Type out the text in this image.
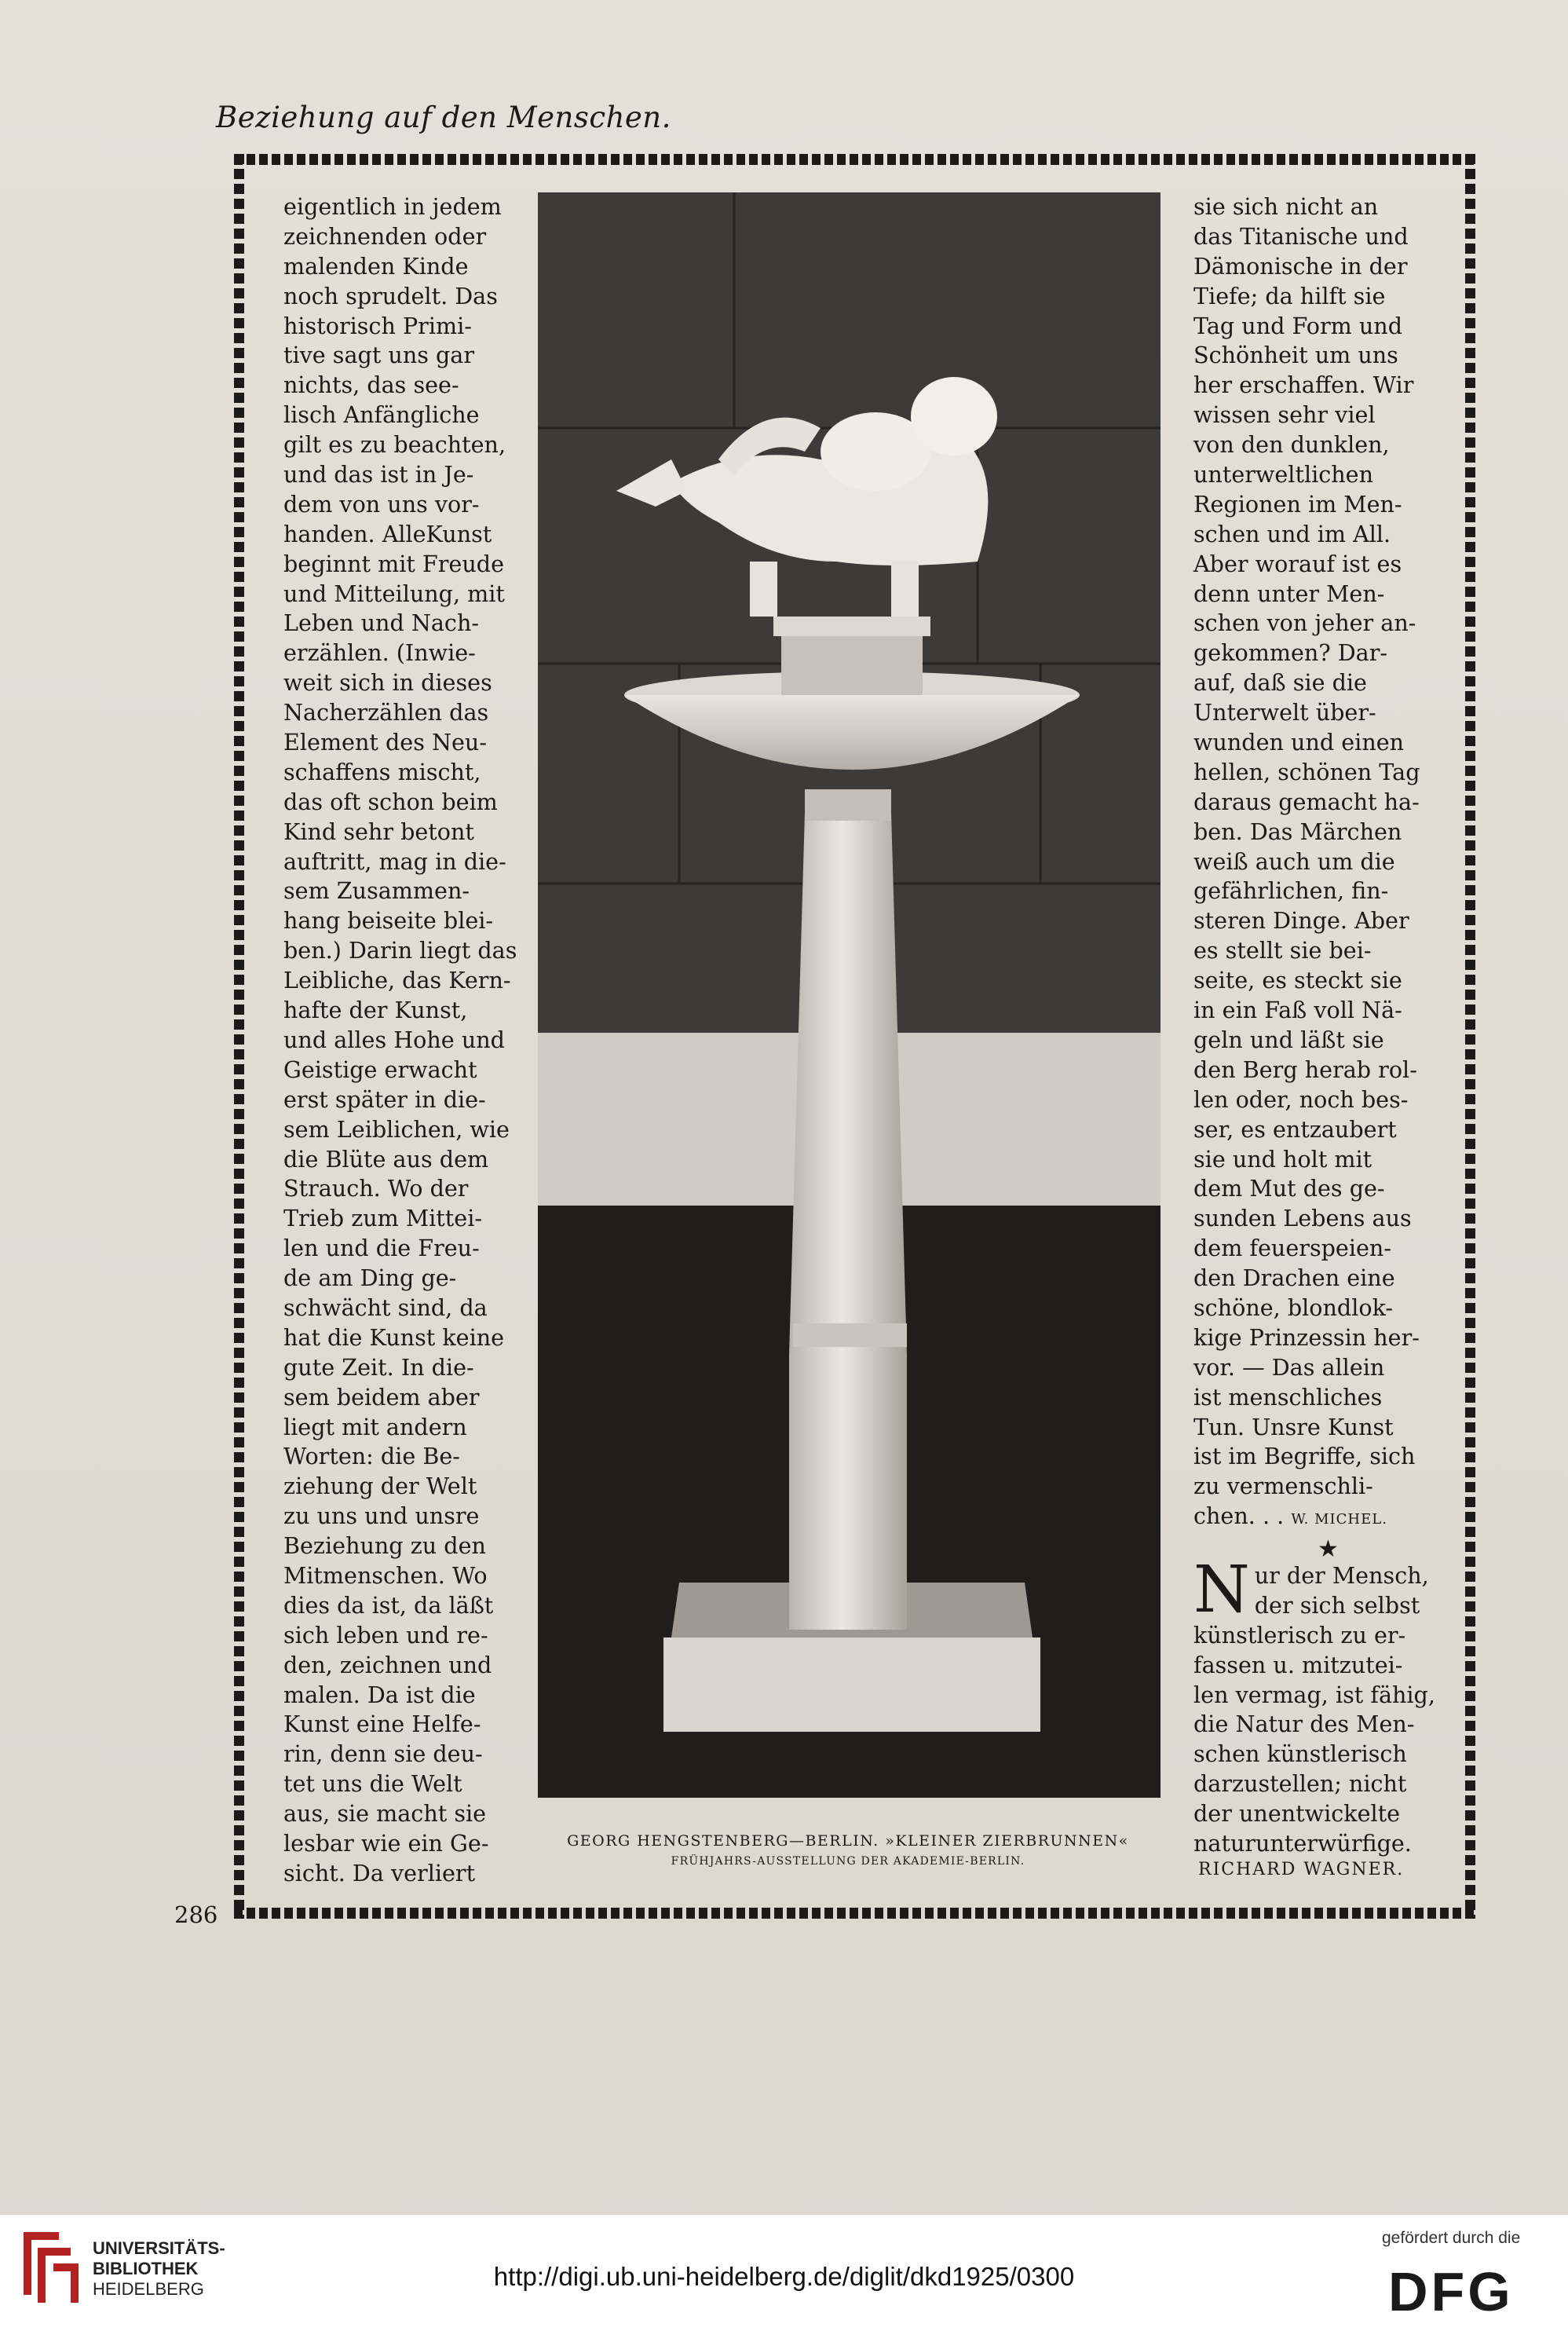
Beziehung auf den Menschen.
286
eigentlich in jedem
zeichnenden oder
malenden Kinde
noch sprudelt. Das
historisch Primi-
tive sagt uns gar
nichts, das see-
lisch Anfängliche
gilt es zu beachten,
und das ist in Je-
dem von uns vor-
handen. AlleKunst
beginnt mit Freude
und Mitteilung, mit
Leben und Nach-
erzählen. (Inwie-
weit sich in dieses
Nacherzählen das
Element des Neu-
schaffens mischt,
das oft schon beim
Kind sehr betont
auftritt, mag in die-
sem Zusammen-
hang beiseite blei-
ben.) Darin liegt das
Leibliche, das Kern-
hafte der Kunst,
und alles Hohe und
Geistige erwacht
erst später in die-
sem Leiblichen, wie
die Blüte aus dem
Strauch. Wo der
Trieb zum Mittei-
len und die Freu-
de am Ding ge-
schwächt sind, da
hat die Kunst keine
gute Zeit. In die-
sem beidem aber
liegt mit andern
Worten: die Be-
ziehung der Welt
zu uns und unsre
Beziehung zu den
Mitmenschen. Wo
dies da ist, da läßt
sich leben und re-
den, zeichnen und
malen. Da ist die
Kunst eine Helfe-
rin, denn sie deu-
tet uns die Welt
aus, sie macht sie
lesbar wie ein Ge-
sicht. Da verliert
GEORG HENGSTENBERG—BERLIN. »KLEINER ZIERBRUNNEN«
FRÜHJAHRS-AUSSTELLUNG DER AKADEMIE-BERLIN.
sie sich nicht an
das Titanische und
Dämonische in der
Tiefe; da hilft sie
Tag und Form und
Schönheit um uns
her erschaffen. Wir
wissen sehr viel
von den dunklen,
unterweltlichen
Regionen im Men-
schen und im All.
Aber worauf ist es
denn unter Men-
schen von jeher an-
gekommen? Dar-
auf, daß sie die
Unterwelt über-
wunden und einen
hellen, schönen Tag
daraus gemacht ha-
ben. Das Märchen
weiß auch um die
gefährlichen, fin-
steren Dinge. Aber
es stellt sie bei-
seite, es steckt sie
in ein Faß voll Nä-
geln und läßt sie
den Berg herab rol-
len oder, noch bes-
ser, es entzaubert
sie und holt mit
dem Mut des ge-
sunden Lebens aus
dem feuerspeien-
den Drachen eine
schöne, blondlok-
kige Prinzessin her-
vor. — Das allein
ist menschliches
Tun. Unsre Kunst
ist im Begriffe, sich
zu vermenschli-
chen. . . W. MICHEL.
★
N ur der Mensch,
der sich selbst
künstlerisch zu er-
fassen u. mitzutei-
len vermag, ist fähig,
die Natur des Men-
schen künstlerisch
darzustellen; nicht
der unentwickelte
naturunterwürfige.
RICHARD WAGNER.
UNIVERSITÄTS-
BIBLIOTHEK
HEIDELBERG	http://digi.ub.uni-heidelberg.de/diglit/dkd1925/0300
gefördert durch die
DFG
